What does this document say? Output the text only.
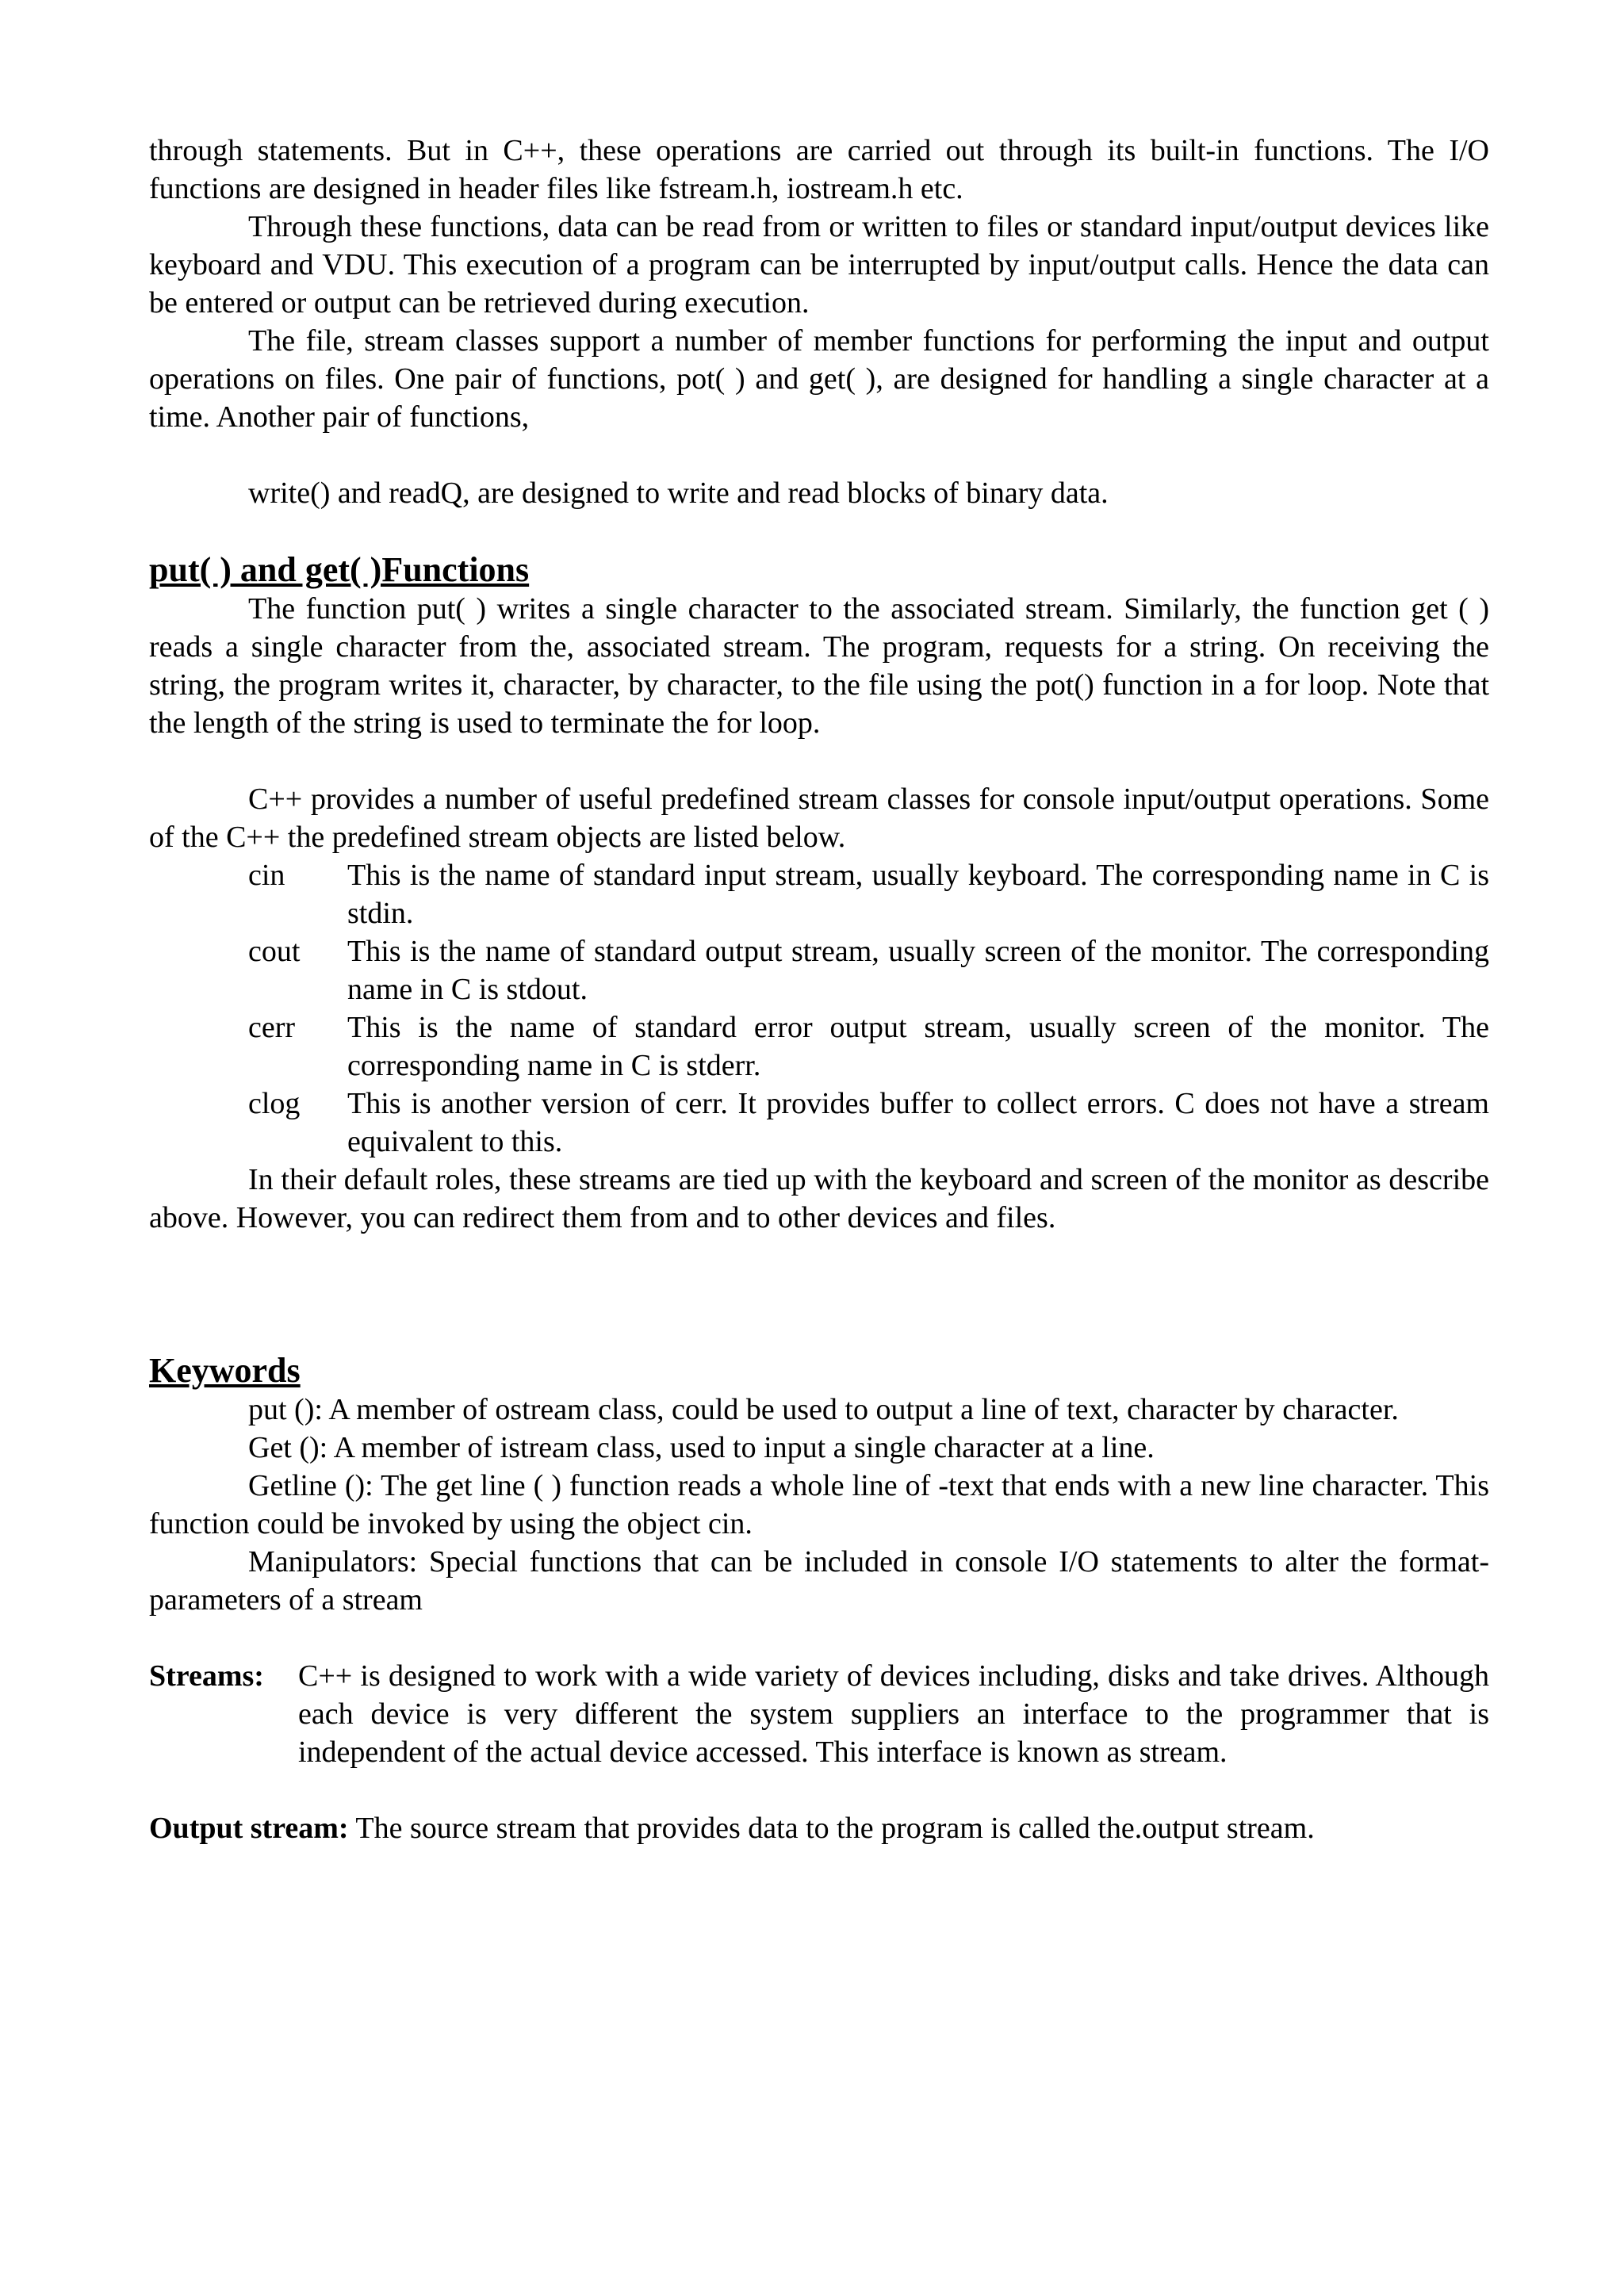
through statements. But in C++, these operations are carried out through its built-in functions. The I/O functions are designed in header files like fstream.h, iostream.h etc.

Through these functions, data can be read from or written to files or standard input/output devices like keyboard and VDU. This execution of a program can be interrupted by input/output calls. Hence the data can be entered or output can be retrieved during execution.

The file, stream classes support a number of member functions for performing the input and output operations on files. One pair of functions, pot( ) and get( ), are designed for handling a single character at a time. Another pair of functions,

write() and readQ, are designed to write and read blocks of binary data.

put( ) and get( )Functions

The function put( ) writes a single character to the associated stream. Similarly, the function get ( ) reads a single character from the, associated stream. The program, requests for a string. On receiving the string, the program writes it, character, by character, to the file using the pot() function in a for loop. Note that the length of the string is used to terminate the for loop.

C++ provides a number of useful predefined stream classes for console input/output operations. Some of the C++ the predefined stream objects are listed below.

cin This is the name of standard input stream, usually keyboard. The corresponding name in C is stdin.
cout This is the name of standard output stream, usually screen of the monitor. The corresponding name in C is stdout.
cerr This is the name of standard error output stream, usually screen of the monitor. The corresponding name in C is stderr.
clog This is another version of cerr. It provides buffer to collect errors. C does not have a stream equivalent to this.

In their default roles, these streams are tied up with the keyboard and screen of the monitor as describe above. However, you can redirect them from and to other devices and files.

Keywords

put (): A member of ostream class, could be used to output a line of text, character by character.

Get (): A member of istream class, used to input a single character at a line.

Getline (): The get line ( ) function reads a whole line of -text that ends with a new line character. This function could be invoked by using the object cin.

Manipulators: Special functions that can be included in console I/O statements to alter the format-parameters of a stream

Streams: C++ is designed to work with a wide variety of devices including, disks and take drives. Although each device is very different the system suppliers an interface to the programmer that is independent of the actual device accessed. This interface is known as stream.

Output stream: The source stream that provides data to the program is called the.output stream.
